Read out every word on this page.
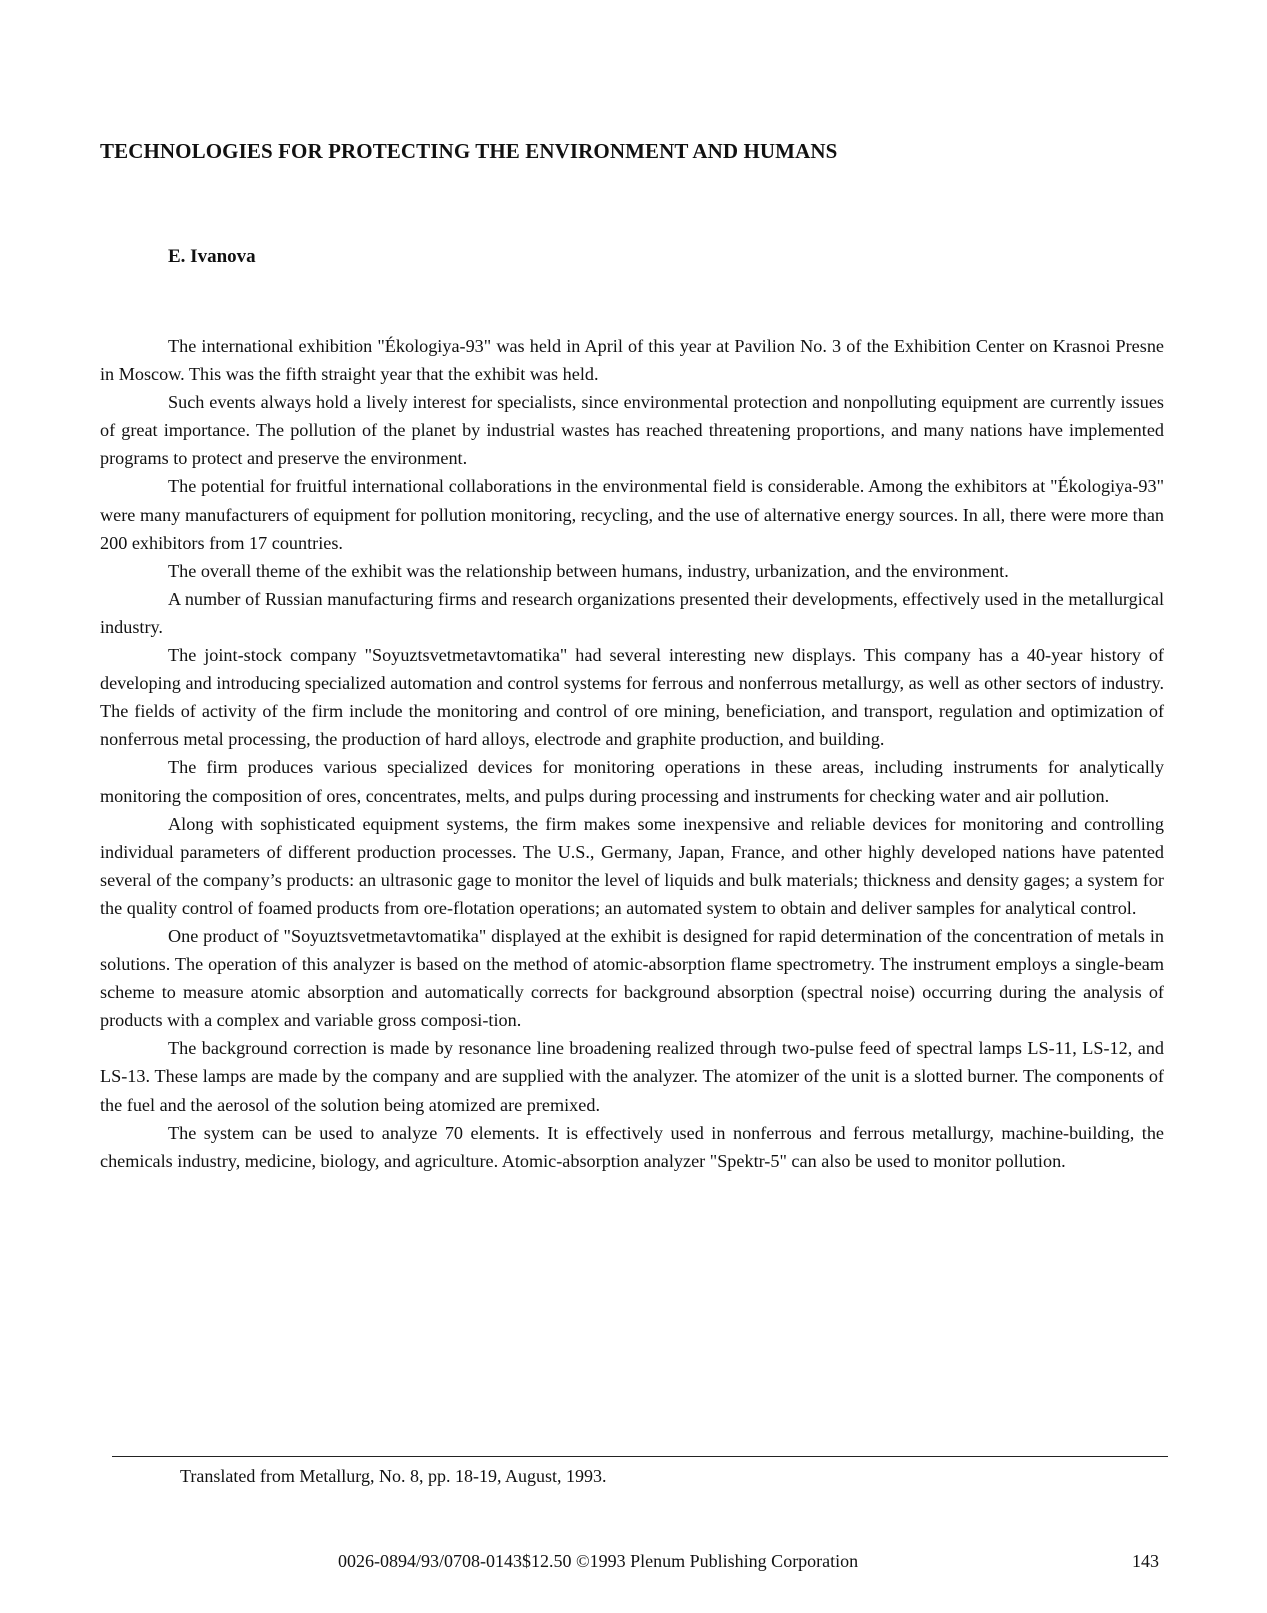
TECHNOLOGIES FOR PROTECTING THE ENVIRONMENT AND HUMANS

E. Ivanova

The international exhibition "Ékologiya-93" was held in April of this year at Pavilion No. 3 of the Exhibition Center on Krasnoi Presne in Moscow. This was the fifth straight year that the exhibit was held.

Such events always hold a lively interest for specialists, since environmental protection and nonpolluting equipment are currently issues of great importance. The pollution of the planet by industrial wastes has reached threatening proportions, and many nations have implemented programs to protect and preserve the environment.

The potential for fruitful international collaborations in the environmental field is considerable. Among the exhibitors at "Ékologiya-93" were many manufacturers of equipment for pollution monitoring, recycling, and the use of alternative energy sources. In all, there were more than 200 exhibitors from 17 countries.

The overall theme of the exhibit was the relationship between humans, industry, urbanization, and the environment.

A number of Russian manufacturing firms and research organizations presented their developments, effectively used in the metallurgical industry.

The joint-stock company "Soyuztsvetmetavtomatika" had several interesting new displays. This company has a 40-year history of developing and introducing specialized automation and control systems for ferrous and nonferrous metallurgy, as well as other sectors of industry. The fields of activity of the firm include the monitoring and control of ore mining, beneficiation, and transport, regulation and optimization of nonferrous metal processing, the production of hard alloys, electrode and graphite production, and building.

The firm produces various specialized devices for monitoring operations in these areas, including instruments for analytically monitoring the composition of ores, concentrates, melts, and pulps during processing and instruments for checking water and air pollution.

Along with sophisticated equipment systems, the firm makes some inexpensive and reliable devices for monitoring and controlling individual parameters of different production processes. The U.S., Germany, Japan, France, and other highly developed nations have patented several of the company’s products: an ultrasonic gage to monitor the level of liquids and bulk materials; thickness and density gages; a system for the quality control of foamed products from ore-flotation operations; an automated system to obtain and deliver samples for analytical control.

One product of "Soyuztsvetmetavtomatika" displayed at the exhibit is designed for rapid determination of the concentration of metals in solutions. The operation of this analyzer is based on the method of atomic-absorption flame spectrometry. The instrument employs a single-beam scheme to measure atomic absorption and automatically corrects for background absorption (spectral noise) occurring during the analysis of products with a complex and variable gross composi-tion.

The background correction is made by resonance line broadening realized through two-pulse feed of spectral lamps LS-11, LS-12, and LS-13. These lamps are made by the company and are supplied with the analyzer. The atomizer of the unit is a slotted burner. The components of the fuel and the aerosol of the solution being atomized are premixed.

The system can be used to analyze 70 elements. It is effectively used in nonferrous and ferrous metallurgy, machine-building, the chemicals industry, medicine, biology, and agriculture. Atomic-absorption analyzer "Spektr-5" can also be used to monitor pollution.

Translated from Metallurg, No. 8, pp. 18-19, August, 1993.

0026-0894/93/0708-0143$12.50 ©1993 Plenum Publishing Corporation	143
